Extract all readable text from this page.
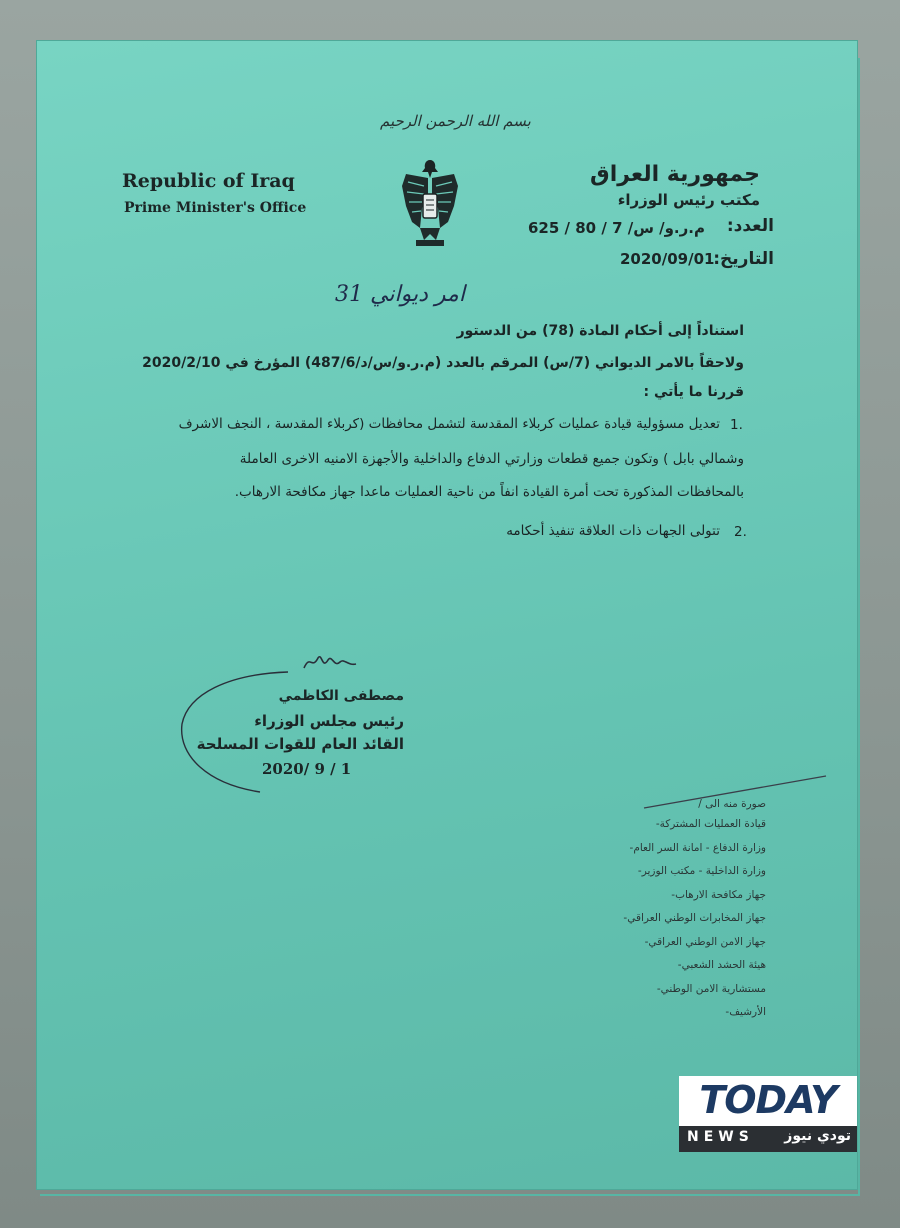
بسم الله الرحمن الرحيم
Republic of Iraq
Prime Minister's Office
جمهورية العراق
مكتب رئيس الوزراء
العدد:
م.ر.و/ س/ 7 / 80 / 625
التاريخ:
2020/09/01
امر ديواني 31
استناداً إلى أحكام المادة (78) من الدستور
ولاحقاً بالامر الديواني (7/س) المرقم بالعدد (م.ر.و/س/د/487/6) المؤرخ في 2020/2/10
قررنا ما يأتي :
1.
تعديل مسؤولية قيادة عمليات كربلاء المقدسة لتشمل محافظات (كربلاء المقدسة ، النجف الاشرف
وشمالي بابل ) وتكون جميع قطعات وزارتي الدفاع والداخلية والأجهزة الامنيه الاخرى العاملة
بالمحافظات المذكورة تحت أمرة القيادة انفاً من ناحية العمليات ماعدا جهاز مكافحة الارهاب.
2.
تتولى الجهات ذات العلاقة تنفيذ أحكامه
مصطفى الكاظمي
رئيس مجلس الوزراء
القائد العام للقوات المسلحة
2020/ 9 / 1
صورة منه الى /
قيادة العمليات المشتركة-
وزارة الدفاع - امانة السر العام-
وزارة الداخلية - مكتب الوزير-
جهاز مكافحة الارهاب-
جهاز المخابرات الوطني العراقي-
جهاز الامن الوطني العراقي-
هيئة الحشد الشعبي-
مستشارية الامن الوطني-
الأرشيف-
TODAY
NEWS تودي نيوز
